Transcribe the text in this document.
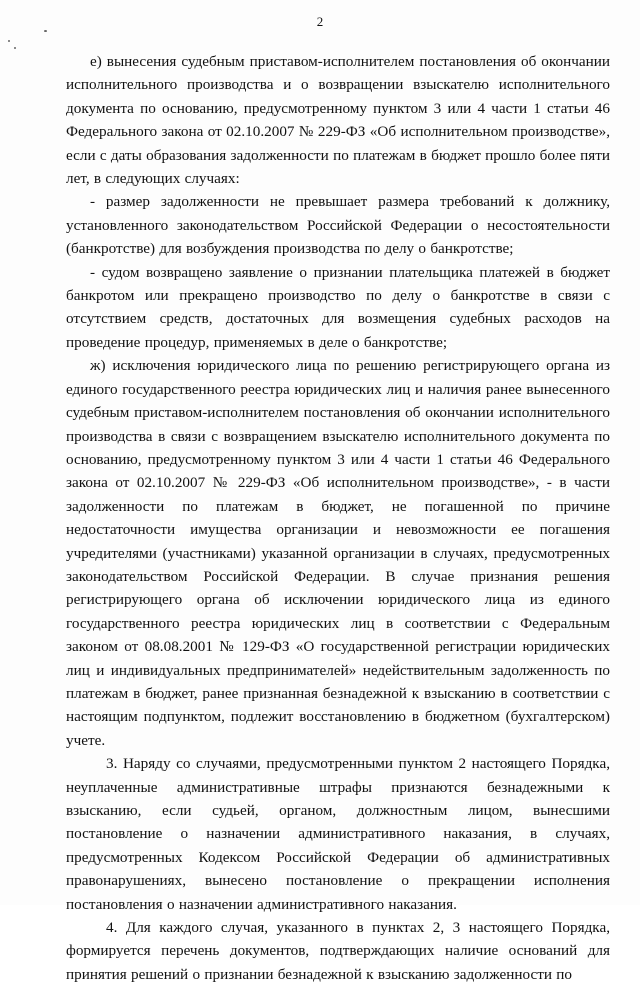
2

е) вынесения судебным приставом-исполнителем постановления об окончании исполнительного производства и о возвращении взыскателю исполнительного документа по основанию, предусмотренному пунктом 3 или 4 части 1 статьи 46 Федерального закона от 02.10.2007 № 229-ФЗ «Об исполнительном производстве», если с даты образования задолженности по платежам в бюджет прошло более пяти лет, в следующих случаях:

- размер задолженности не превышает размера требований к должнику, установленного законодательством Российской Федерации о несостоятельности (банкротстве) для возбуждения производства по делу о банкротстве;

- судом возвращено заявление о признании плательщика платежей в бюджет банкротом или прекращено производство по делу о банкротстве в связи с отсутствием средств, достаточных для возмещения судебных расходов на проведение процедур, применяемых в деле о банкротстве;

ж) исключения юридического лица по решению регистрирующего органа из единого государственного реестра юридических лиц и наличия ранее вынесенного судебным приставом-исполнителем постановления об окончании исполнительного производства в связи с возвращением взыскателю исполнительного документа по основанию, предусмотренному пунктом 3 или 4 части 1 статьи 46 Федерального закона от 02.10.2007 № 229-ФЗ «Об исполнительном производстве», - в части задолженности по платежам в бюджет, не погашенной по причине недостаточности имущества организации и невозможности ее погашения учредителями (участниками) указанной организации в случаях, предусмотренных законодательством Российской Федерации. В случае признания решения регистрирующего органа об исключении юридического лица из единого государственного реестра юридических лиц в соответствии с Федеральным законом от 08.08.2001 № 129-ФЗ «О государственной регистрации юридических лиц и индивидуальных предпринимателей» недействительным задолженность по платежам в бюджет, ранее признанная безнадежной к взысканию в соответствии с настоящим подпунктом, подлежит восстановлению в бюджетном (бухгалтерском) учете.

3. Наряду со случаями, предусмотренными пунктом 2 настоящего Порядка, неуплаченные административные штрафы признаются безнадежными к взысканию, если судьей, органом, должностным лицом, вынесшими постановление о назначении административного наказания, в случаях, предусмотренных Кодексом Российской Федерации об административных правонарушениях, вынесено постановление о прекращении исполнения постановления о назначении административного наказания.

4. Для каждого случая, указанного в пунктах 2, 3 настоящего Порядка, формируется перечень документов, подтверждающих наличие оснований для принятия решений о признании безнадежной к взысканию задолженности по
